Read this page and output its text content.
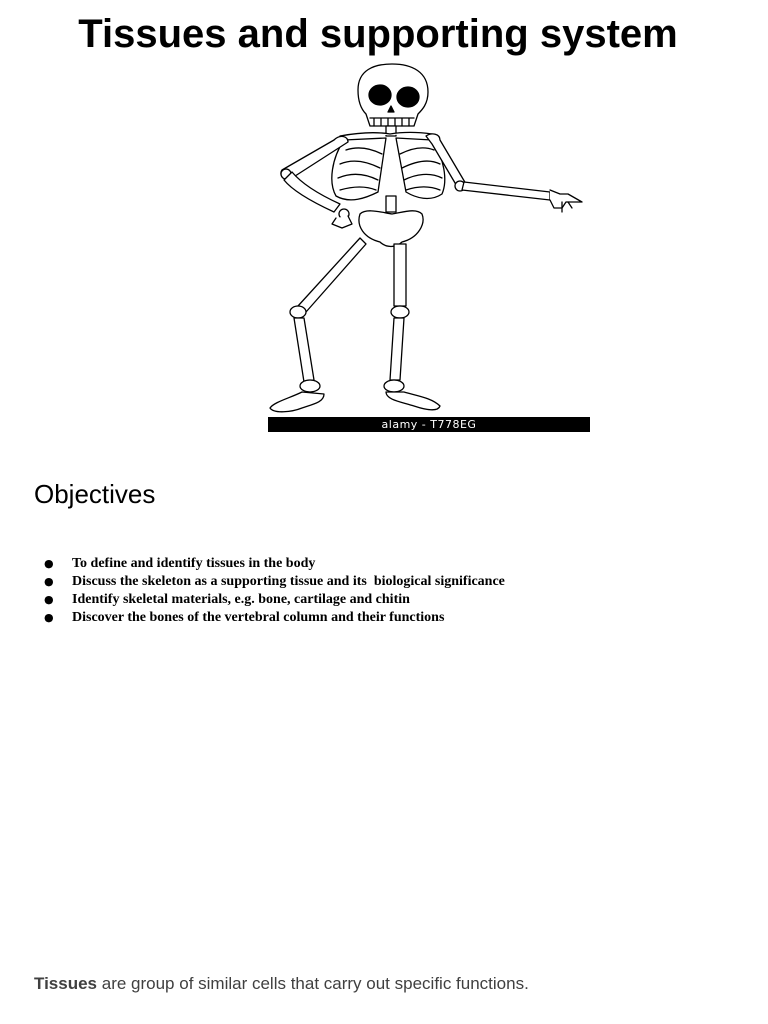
Tissues and supporting system
alamy - T778EG
Objectives
● To define and identify tissues in the body
● Discuss the skeleton as a supporting tissue and its  biological significance
● Identify skeletal materials, e.g. bone, cartilage and chitin
● Discover the bones of the vertebral column and their functions

Tissues are group of similar cells that carry out specific functions.
